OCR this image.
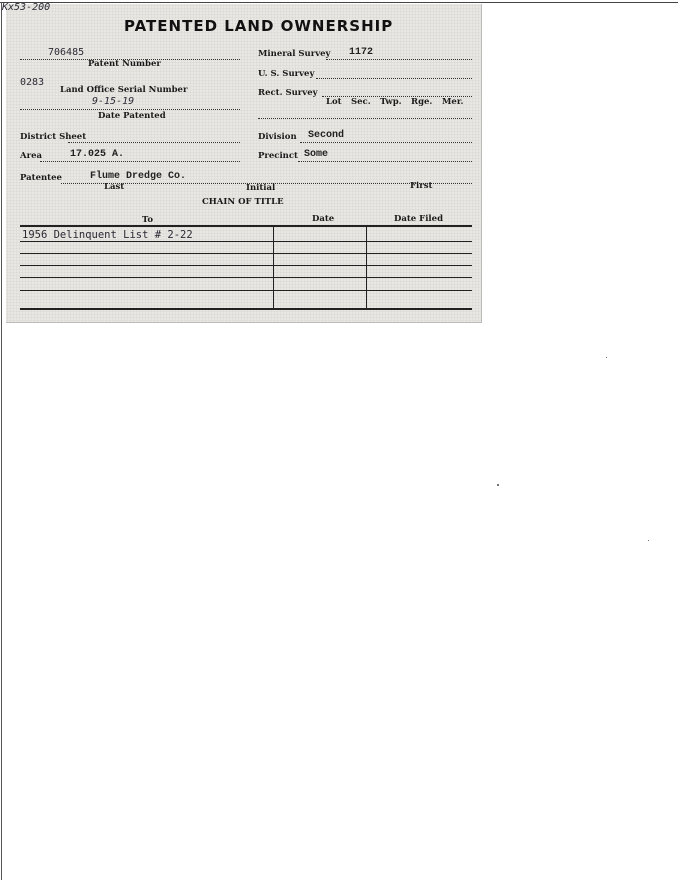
Kx53-200
PATENTED LAND OWNERSHIP
706485
Patent Number
0283
Land Office Serial Number
9-15-19
Date Patented
District Sheet
Area	17.025 A.
Patentee	Flume Dredge Co.
Last	Initial	First
Mineral Survey 1172
U. S. Survey
Rect. Survey
Lot Sec. Twp. Rge. Mer.
Division Second
Precinct Some
CHAIN OF TITLE
To	Date	Date Filed
1956 Delinquent List # 2-22
